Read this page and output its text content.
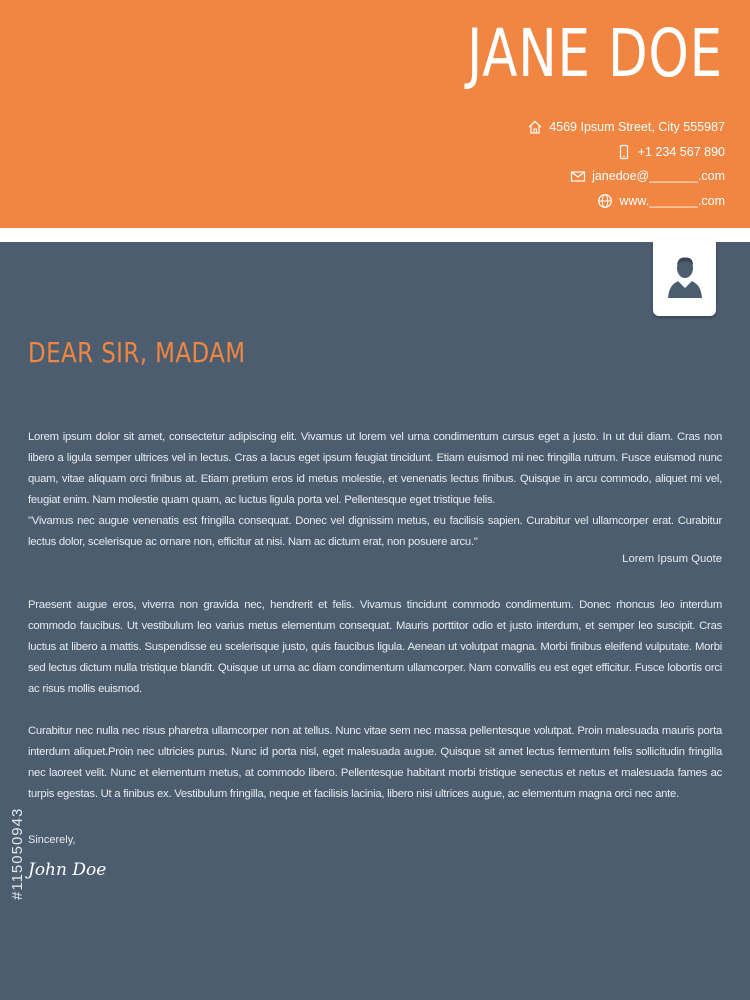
JANE DOE
4569 Ipsum Street, City 555987
+1 234 567 890
janedoe@_______.com
www._______.com
DEAR SIR, MADAM
Lorem ipsum dolor sit amet, consectetur adipiscing elit. Vivamus ut lorem vel urna condimentum cursus eget a justo. In ut dui diam. Cras non libero a ligula semper ultrices vel in lectus. Cras a lacus eget ipsum feugiat tincidunt. Etiam euismod mi nec fringilla rutrum. Fusce euismod nunc quam, vitae aliquam orci finibus at. Etiam pretium eros id metus molestie, et venenatis lectus finibus. Quisque in arcu commodo, aliquet mi vel, feugiat enim. Nam molestie quam quam, ac luctus ligula porta vel. Pellentesque eget tristique felis.
"Vivamus nec augue venenatis est fringilla consequat. Donec vel dignissim metus, eu facilisis sapien. Curabitur vel ullamcorper erat. Curabitur lectus dolor, scelerisque ac ornare non, efficitur at nisi. Nam ac dictum erat, non posuere arcu."
Lorem Ipsum Quote
Praesent augue eros, viverra non gravida nec, hendrerit et felis. Vivamus tincidunt commodo condimentum. Donec rhoncus leo interdum commodo faucibus. Ut vestibulum leo varius metus elementum consequat. Mauris porttitor odio et justo interdum, et semper leo suscipit. Cras luctus at libero a mattis. Suspendisse eu scelerisque justo, quis faucibus ligula. Aenean ut volutpat magna. Morbi finibus eleifend vulputate. Morbi sed lectus dictum nulla tristique blandit. Quisque ut urna ac diam condimentum ullamcorper. Nam convallis eu est eget efficitur. Fusce lobortis orci ac risus mollis euismod.
Curabitur nec nulla nec risus pharetra ullamcorper non at tellus. Nunc vitae sem nec massa pellentesque volutpat. Proin malesuada mauris porta interdum aliquet.Proin nec ultricies purus. Nunc id porta nisl, eget malesuada augue. Quisque sit amet lectus fermentum felis sollicitudin fringilla nec laoreet velit. Nunc et elementum metus, at commodo libero. Pellentesque habitant morbi tristique senectus et netus et malesuada fames ac turpis egestas. Ut a finibus ex. Vestibulum fringilla, neque et facilisis lacinia, libero nisi ultrices augue, ac elementum magna orci nec ante.
Sincerely,
John Doe
#115050943
